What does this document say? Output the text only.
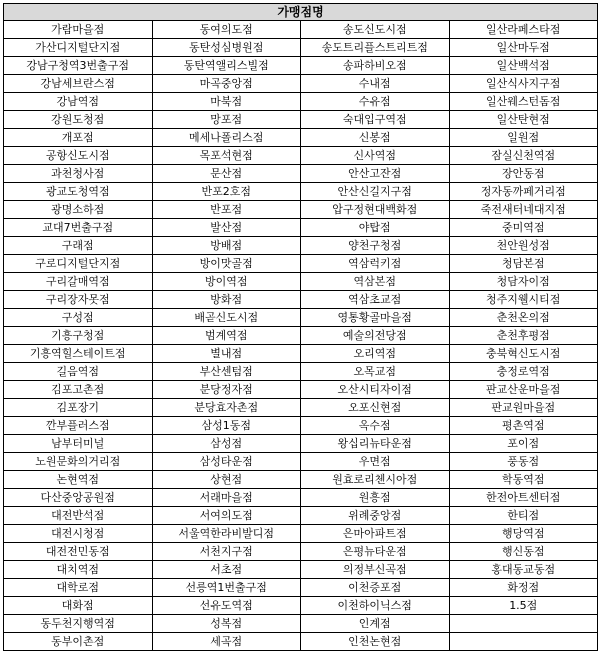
가맹점명			
가람마을점	동여의도점	송도신도시점	일산라페스타점
가산디지털단지점	동탄성심병원점	송도트리플스트리트점	일산마두점
강남구청역3번출구점	동탄역앨리스빌점	송파하비오점	일산백석점
강남세브란스점	마곡중앙점	수내점	일산식사지구점
강남역점	마북점	수유점	일산웨스턴돔점
강원도청점	망포점	숙대입구역점	일산탄현점
개포점	메세나폴리스점	신봉점	일원점
공항신도시점	목포석현점	신사역점	잠실신천역점
과천청사점	문산점	안산고잔점	장안동점
광교도청역점	반포2호점	안산신길지구점	정자동까페거리점
광명소하점	반포점	압구정현대백화점	죽전새터네대지점
교대7번출구점	발산점	야탑점	중미역점
구래점	방배점	양천구청점	천안원성점
구로디지털단지점	방이맛골점	역삼럭키점	청담본점
구리갈매역점	방이역점	역삼본점	청담자이점
구리장자못점	방화점	역삼초교점	청주지웰시티점
구성점	배곧신도시점	영통황골마을점	춘천온의점
기흥구청점	범계역점	예술의전당점	춘천후평점
기흥역힐스테이트점	별내점	오리역점	충북혁신도시점
길음역점	부산센텀점	오목교점	충정로역점
김포고촌점	분당정자점	오산시티자이점	판교산운마을점
김포장기	분당효자촌점	오포신현점	판교원마을점
깐부플러스점	삼성1동점	옥수점	평촌역점
남부터미널	삼성점	왕십리뉴타운점	포이점
노원문화의거리점	삼성타운점	우면점	풍동점
논현역점	상현점	원효로리첸시아점	학동역점
다산중앙공원점	서래마을점	원흥점	한전아트센터점
대전반석점	서여의도점	위례중앙점	한티점
대전시청점	서울역한라비발디점	은마아파트점	행당역점
대전전민동점	서천지구점	은평뉴타운점	행신동점
대치역점	서초점	의정부신곡점	홍대동교동점
대학로점	선릉역1번출구점	이천증포점	화정점
대화점	선유도역점	이천하이닉스점	1.5점
동두천지행역점	성복점	인계점	
동부이촌점	세곡점	인천논현점	
